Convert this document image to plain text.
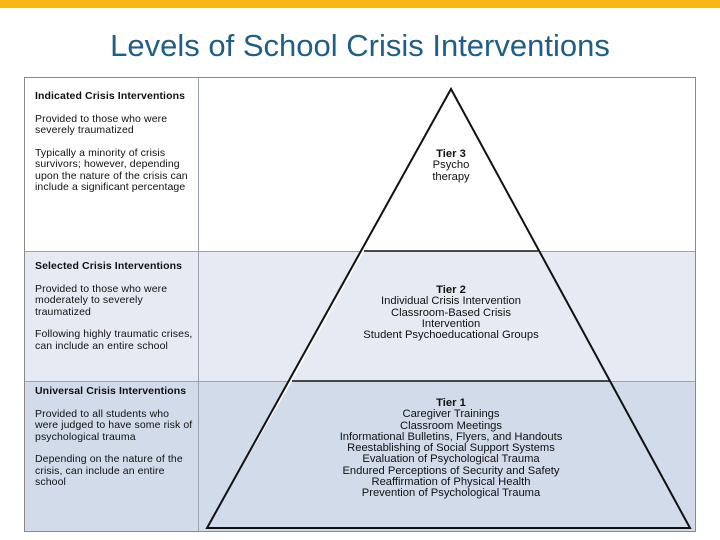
Levels of School Crisis Interventions

Indicated Crisis Interventions

Provided to those who were severely traumatized

Typically a minority of crisis survivors; however, depending upon the nature of the crisis can include a significant percentage

Selected Crisis Interventions

Provided to those who were moderately to severely traumatized

Following highly traumatic crises, can include an entire school

Universal Crisis Interventions

Provided to all students who were judged to have some risk of psychological trauma

Depending on the nature of the crisis, can include an entire school

Tier 3
Psycho
therapy
Tier 2
Individual Crisis Intervention
Classroom-Based Crisis Intervention
Student Psychoeducational Groups
Tier 1
Caregiver Trainings
Classroom Meetings
Informational Bulletins, Flyers, and Handouts
Reestablishing of Social Support Systems
Evaluation of Psychological Trauma
Endured Perceptions of Security and Safety
Reaffirmation of Physical Health
Prevention of Psychological Trauma
